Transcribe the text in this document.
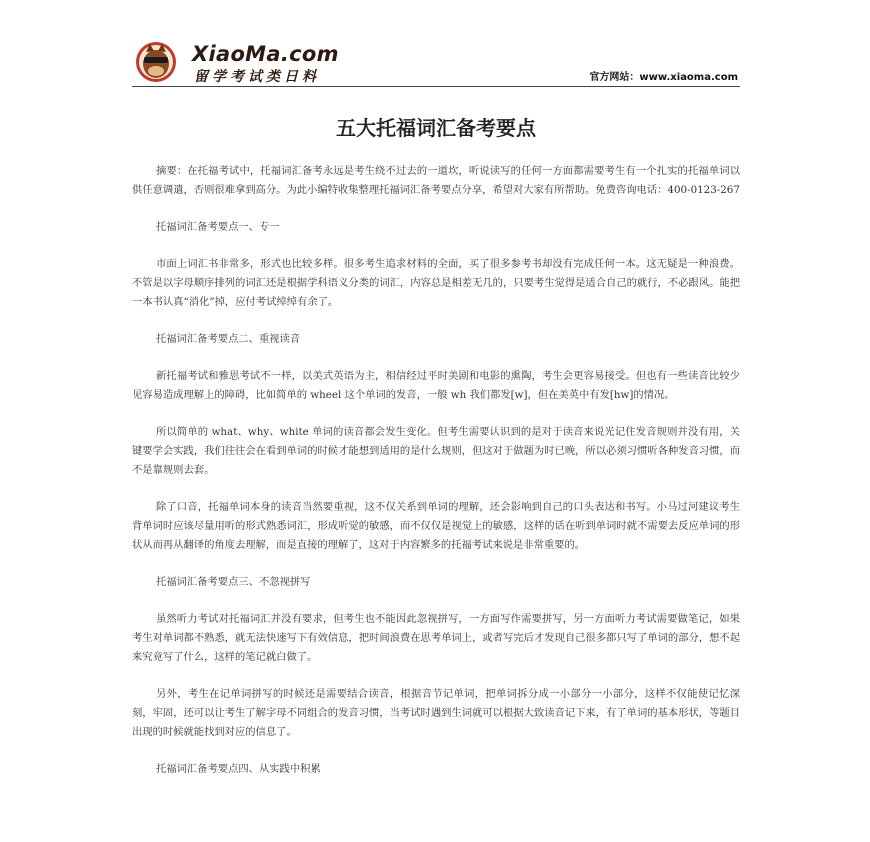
XiaoMa.com
留学考试类日料	官方网站：www.xiaoma.com
五大托福词汇备考要点

摘要：在托福考试中，托福词汇备考永远是考生绕不过去的一道坎，听说读写的任何一方面都需要考生有一个扎实的托福单词以供任意调遣，否则很难拿到高分。为此小编特收集整理托福词汇备考要点分享，希望对大家有所帮助。免费咨询电话：400-0123-267

托福词汇备考要点一、专一

市面上词汇书非常多，形式也比较多样。很多考生追求材料的全面，买了很多参考书却没有完成任何一本。这无疑是一种浪费。不管是以字母顺序排列的词汇还是根据学科语义分类的词汇，内容总是相差无几的，只要考生觉得是适合自己的就行，不必跟风。能把一本书认真“消化”掉，应付考试绰绰有余了。

托福词汇备考要点二、重视读音

新托福考试和雅思考试不一样，以美式英语为主，相信经过平时美剧和电影的熏陶，考生会更容易接受。但也有一些读音比较少见容易造成理解上的障碍，比如简单的 wheel 这个单词的发音，一般 wh 我们都发[w]，但在美英中有发[hw]的情况。

所以简单的 what、why、white 单词的读音都会发生变化。但考生需要认识到的是对于读音来说光记住发音规则并没有用，关键要学会实践，我们往往会在看到单词的时候才能想到适用的是什么规则，但这对于做题为时已晚，所以必须习惯听各种发音习惯，而不是靠规则去套。

除了口音，托福单词本身的读音当然要重视，这不仅关系到单词的理解，还会影响到自己的口头表达和书写。小马过河建议考生背单词时应该尽量用听的形式熟悉词汇，形成听觉的敏感，而不仅仅是视觉上的敏感，这样的话在听到单词时就不需要去反应单词的形状从而再从翻译的角度去理解，而是直接的理解了，这对于内容繁多的托福考试来说是非常重要的。

托福词汇备考要点三、不忽视拼写

虽然听力考试对托福词汇并没有要求，但考生也不能因此忽视拼写，一方面写作需要拼写，另一方面听力考试需要做笔记，如果考生对单词都不熟悉，就无法快速写下有效信息，把时间浪费在思考单词上，或者写完后才发现自己很多都只写了单词的部分，想不起来究竟写了什么，这样的笔记就白做了。

另外，考生在记单词拼写的时候还是需要结合读音，根据音节记单词，把单词拆分成一小部分一小部分，这样不仅能使记忆深刻，牢固，还可以让考生了解字母不同组合的发音习惯，当考试时遇到生词就可以根据大致读音记下来，有了单词的基本形状，等题目出现的时候就能找到对应的信息了。

托福词汇备考要点四、从实践中积累
